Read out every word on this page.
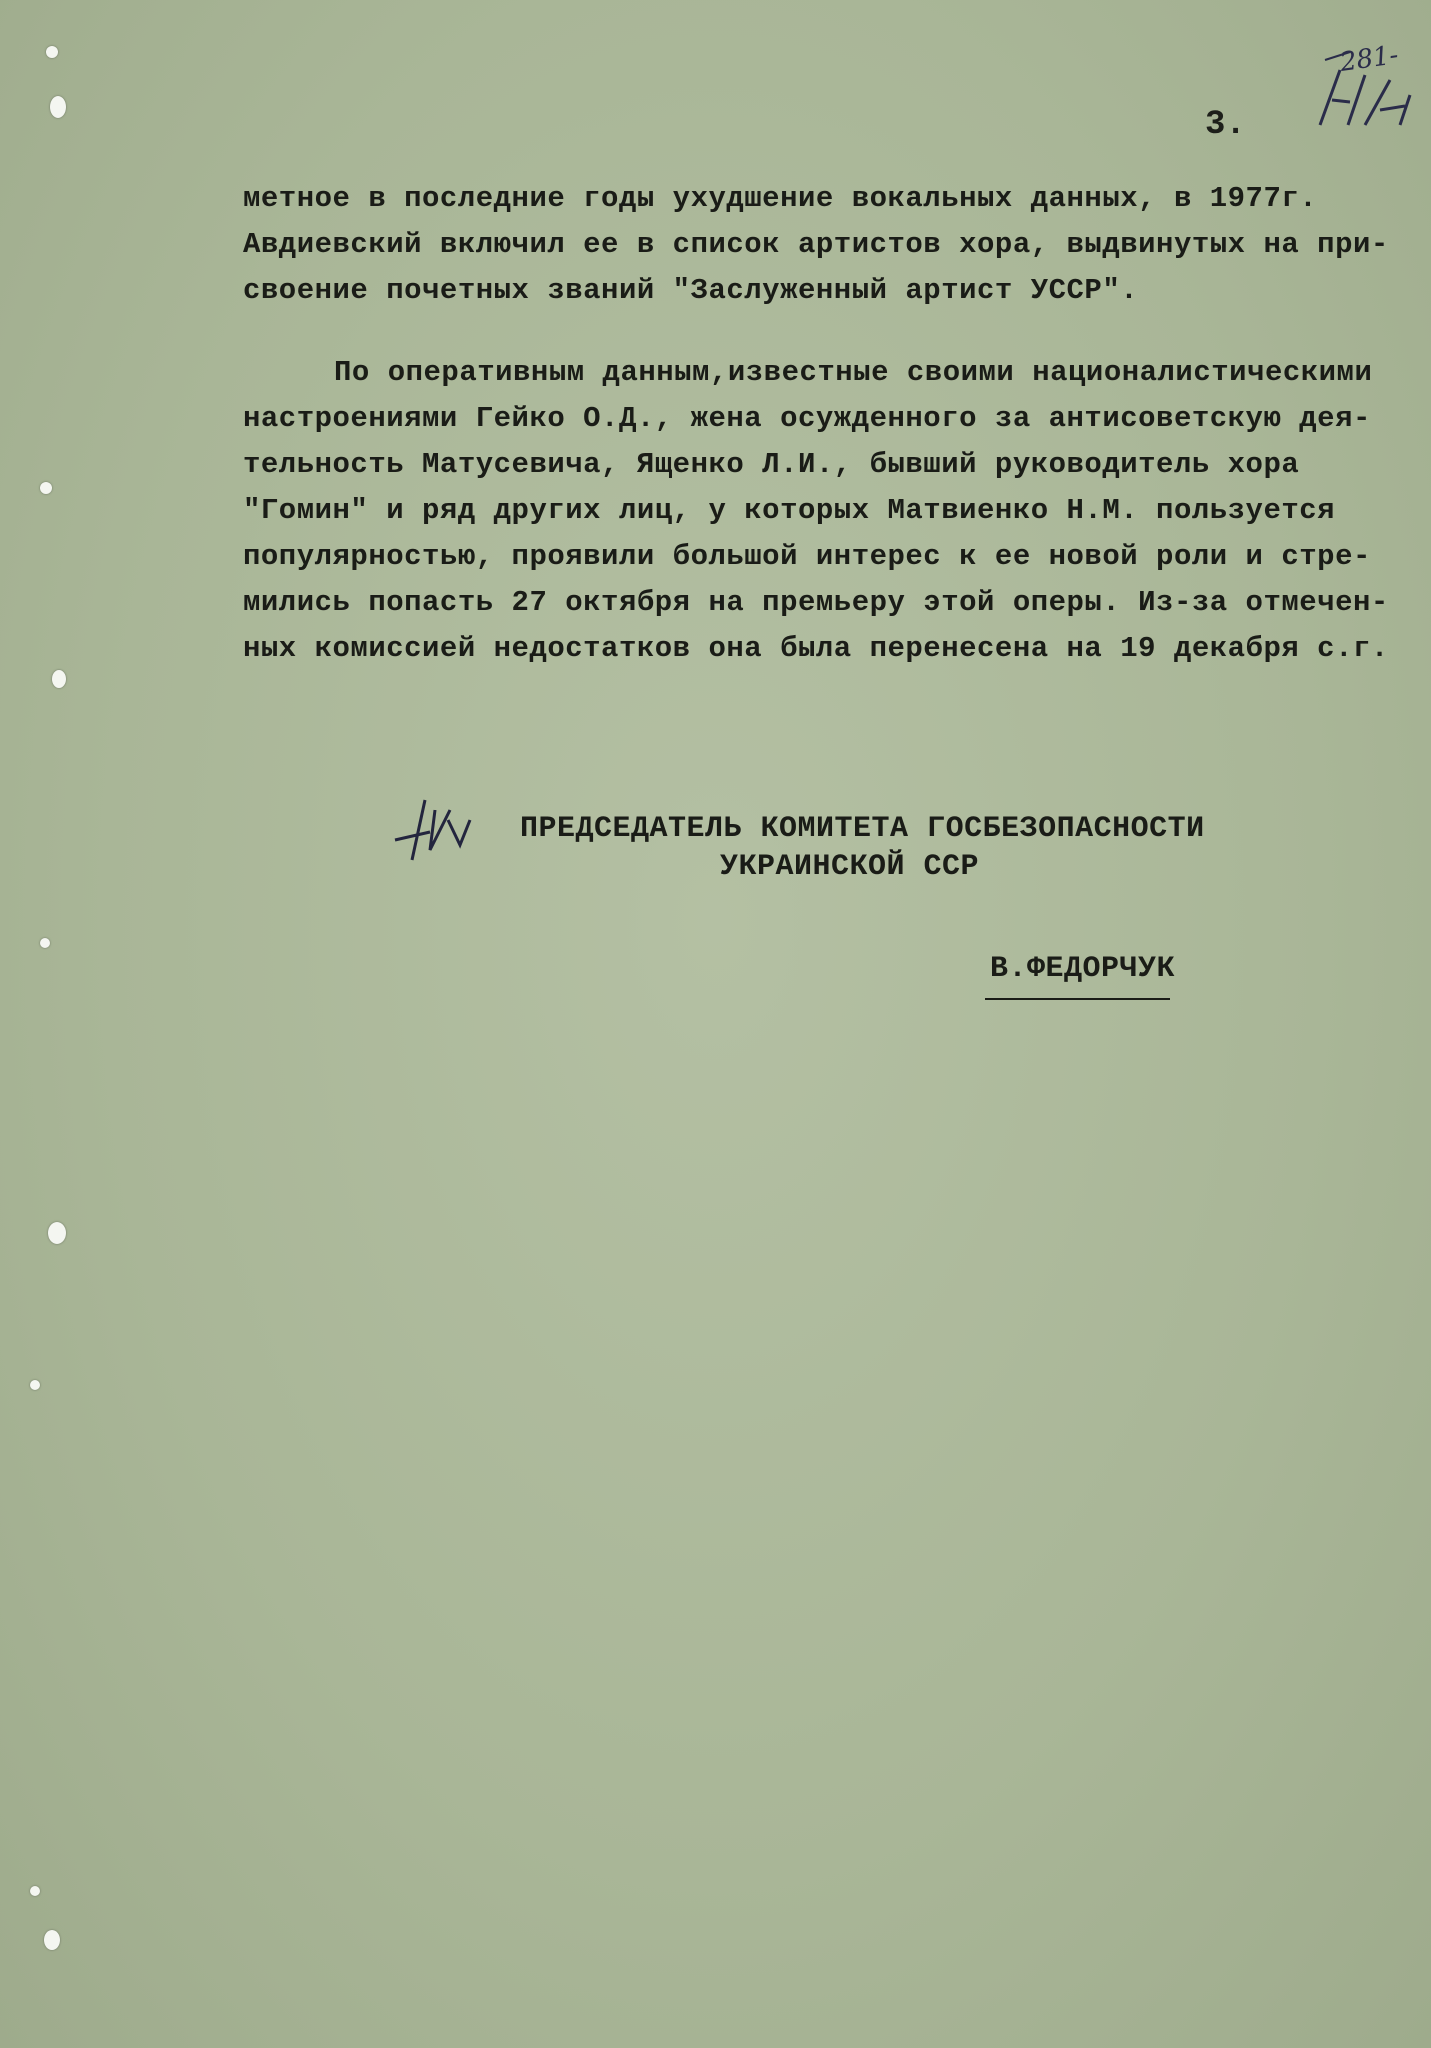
3.
281-

метное в последние годы ухудшение вокальных данных, в 1977г.

Авдиевский включил ее в список артистов хора, выдвинутых на при-

своение почетных званий "Заслуженный артист УССР".

По оперативным данным,известные своими националистическими

настроениями Гейко О.Д., жена осужденного за антисоветскую дея-

тельность Матусевича, Ященко Л.И., бывший руководитель хора

"Гомин" и ряд других лиц, у которых Матвиенко Н.М. пользуется

популярностью, проявили большой интерес к ее новой роли и стре-

мились попасть 27 октября на премьеру этой оперы. Из-за отмечен-

ных комиссией недостатков она была перенесена на 19 декабря с.г.

ПРЕДСЕДАТЕЛЬ КОМИТЕТА ГОСБЕЗОПАСНОСТИ
УКРАИНСКОЙ ССР
В.ФЕДОРЧУК
